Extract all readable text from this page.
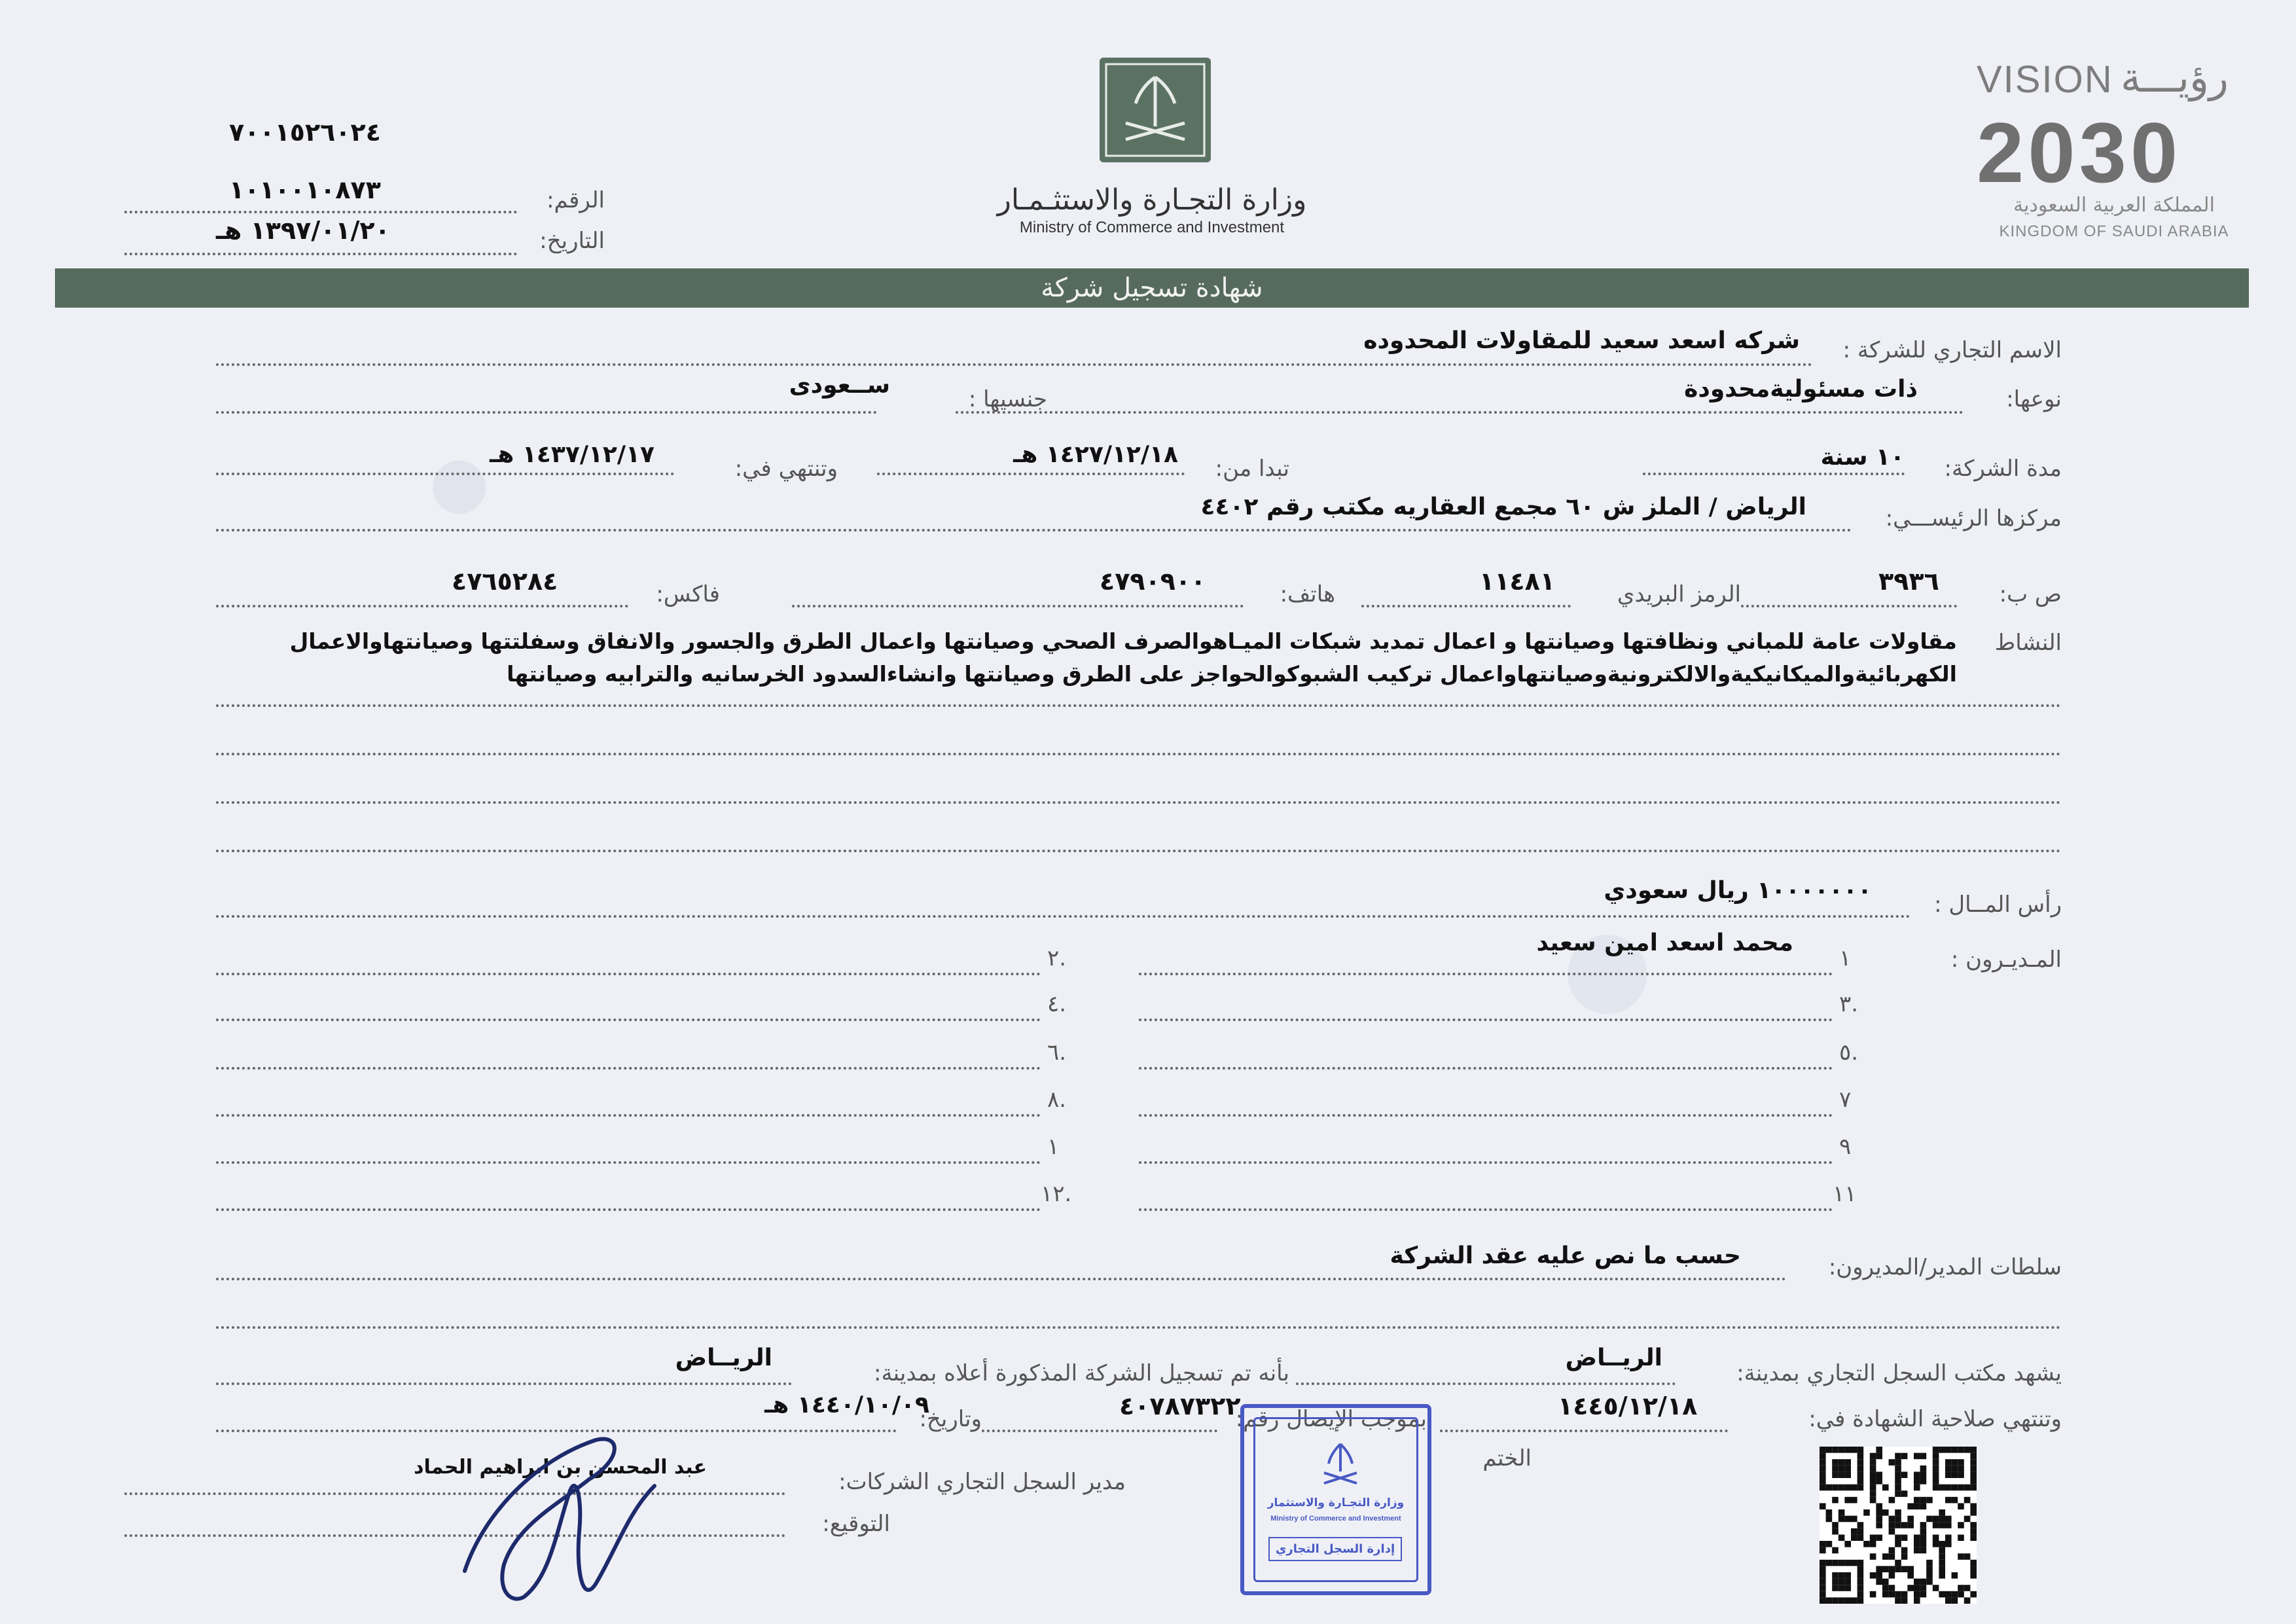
٧٠٠١٥٢٦٠٢٤
١٠١٠٠١٠٨٧٣	الرقم:
١٣٩٧/٠١/٢٠ هـ	التاريخ:
وزارة التجـارة والاستثـمـار
Ministry of Commerce and Investment
VISION رؤيـــة
2030
المملكة العربية السعودية
KINGDOM OF SAUDI ARABIA
شهادة تسجيل شركة
الاسم التجاري للشركة :
شركه اسعد سعيد للمقاولات المحدوده
نوعها:
ذات مسئوليةمحدودة
جنسيها :
ســعودى
مدة الشركة:
١٠ سنة
تبدا من:
١٤٢٧/١٢/١٨ هـ
وتنتهي في:
١٤٣٧/١٢/١٧ هـ
مركزها الرئيســـي:
الرياض / الملز ش ٦٠ مجمع العقاريه مكتب رقم ٤٤٠٢
ص ب:
٣٩٣٦
الرمز البريدي
١١٤٨١
هاتف:
٤٧٩٠٩٠٠
فاكس:
٤٧٦٥٢٨٤
النشاط
مقاولات عامة للمباني ونظافتها وصيانتها و اعمال تمديد شبكات الميـاهوالصرف الصحي وصيانتها واعمال الطرق والجسور والانفاق وسفلتتها وصيانتهاوالاعمال
الكهربائيةوالميكانيكيةوالالكترونيةوصيانتهاواعمال تركيب الشبوكوالحواجز على الطرق وصيانتها وانشاءالسدود الخرسانيه والترابيه وصيانتها
رأس المــال :
١٠٠٠٠٠٠٠ ريال سعودي
المـديـرون :
محمد اسعد امين سعيد
١
٣.
٥.
٧
٩
١١
٢.
٤.
٦.
٨.
١
١٢.
سلطات المدير/المديرون:
حسب ما نص عليه عقد الشركة
يشهد مكتب السجل التجاري بمدينة:
الريــاض
بأنه تم تسجيل الشركة المذكورة أعلاه بمدينة:
الريــاض
وتنتهي صلاحية الشهادة في:
١٤٤٥/١٢/١٨
بموجب الإيصال رقم:
٤٠٧٨٧٣٢٢
وتاريخ:
١٤٤٠/١٠/٠٩ هـ
الختم
مدير السجل التجاري الشركات:
عبد المحسن بن ابراهيم الحماد
التوقيع:
وزارة التجـارة والاستثمار
Ministry of Commerce and Investment
إدارة السجل التجاري
